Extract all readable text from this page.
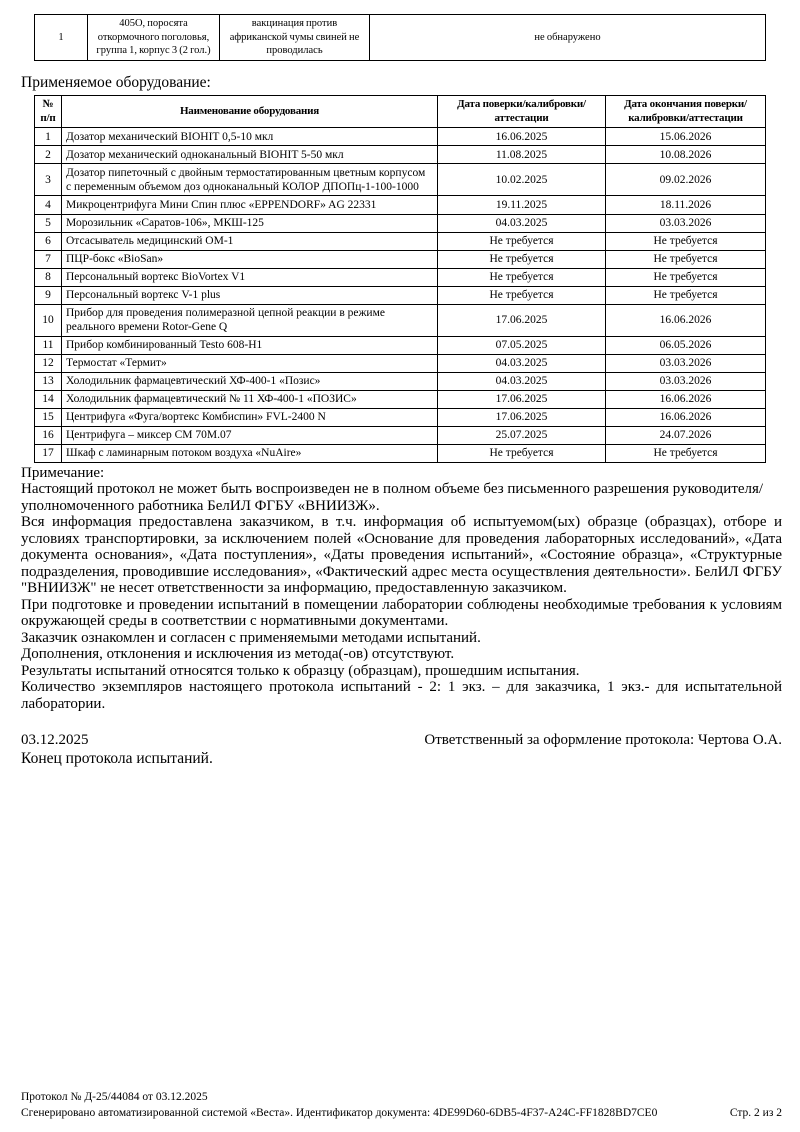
1	405О, поросята откормочного поголовья, группа 1, корпус 3 (2 гол.)	вакцинация против африканской чумы свиней не проводилась	не обнаружено
Применяемое оборудование:
№ п/п	Наименование оборудования	Дата поверки/калибровки/аттестации	Дата окончания поверки/калибровки/аттестации
1	Дозатор механический BIOHIT 0,5-10 мкл	16.06.2025	15.06.2026
2	Дозатор механический одноканальный BIOHIT 5-50 мкл	11.08.2025	10.08.2026
3	Дозатор пипеточный с двойным термостатированным цветным корпусом с переменным объемом доз одноканальный КОЛОР ДПОПц-1-100-1000	10.02.2025	09.02.2026
4	Микроцентрифуга Мини Спин плюс «EPPENDORF» AG 22331	19.11.2025	18.11.2026
5	Морозильник «Саратов-106», МКШ-125	04.03.2025	03.03.2026
6	Отсасыватель медицинский ОМ-1	Не требуется	Не требуется
7	ПЦР-бокс «BioSan»	Не требуется	Не требуется
8	Персональный вортекс BioVortex V1	Не требуется	Не требуется
9	Персональный вортекс V-1 plus	Не требуется	Не требуется
10	Прибор для проведения полимеразной цепной реакции в режиме реального времени Rotor-Gene Q	17.06.2025	16.06.2026
11	Прибор комбинированный Testo 608-H1	07.05.2025	06.05.2026
12	Термостат «Термит»	04.03.2025	03.03.2026
13	Холодильник фармацевтический ХФ-400-1 «Позис»	04.03.2025	03.03.2026
14	Холодильник фармацевтический № 11 ХФ-400-1 «ПОЗИС»	17.06.2025	16.06.2026
15	Центрифуга «Фуга/вортекс Комбиспин» FVL-2400 N	17.06.2025	16.06.2026
16	Центрифуга – миксер СМ 70М.07	25.07.2025	24.07.2026
17	Шкаф с ламинарным потоком воздуха «NuAire»	Не требуется	Не требуется
Примечание:
Настоящий протокол не может быть воспроизведен не в полном объеме без письменного разрешения руководителя/уполномоченного работника БелИЛ ФГБУ «ВНИИЗЖ».
Вся информация предоставлена заказчиком, в т.ч. информация об испытуемом(ых) образце (образцах), отборе и условиях транспортировки, за исключением полей «Основание для проведения лабораторных исследований», «Дата документа основания», «Дата поступления», «Даты проведения испытаний», «Состояние образца», «Структурные подразделения, проводившие исследования», «Фактический адрес места осуществления деятельности». БелИЛ ФГБУ "ВНИИЗЖ" не несет ответственности за информацию, предоставленную заказчиком.
При подготовке и проведении испытаний в помещении лаборатории соблюдены необходимые требования к условиям окружающей среды в соответствии с нормативными документами.
Заказчик ознакомлен и согласен с применяемыми методами испытаний.
Дополнения, отклонения и исключения из метода(-ов) отсутствуют.
Результаты испытаний относятся только к образцу (образцам), прошедшим испытания.
Количество экземпляров настоящего протокола испытаний - 2: 1 экз. – для заказчика, 1 экз.- для испытательной лаборатории.
03.12.2025	Ответственный за оформление протокола: Чертова О.А.
Конец протокола испытаний.
Протокол № Д-25/44084 от 03.12.2025
Сгенерировано автоматизированной системой «Веста». Идентификатор документа: 4DE99D60-6DB5-4F37-A24C-FF1828BD7CE0	Стр. 2 из 2
